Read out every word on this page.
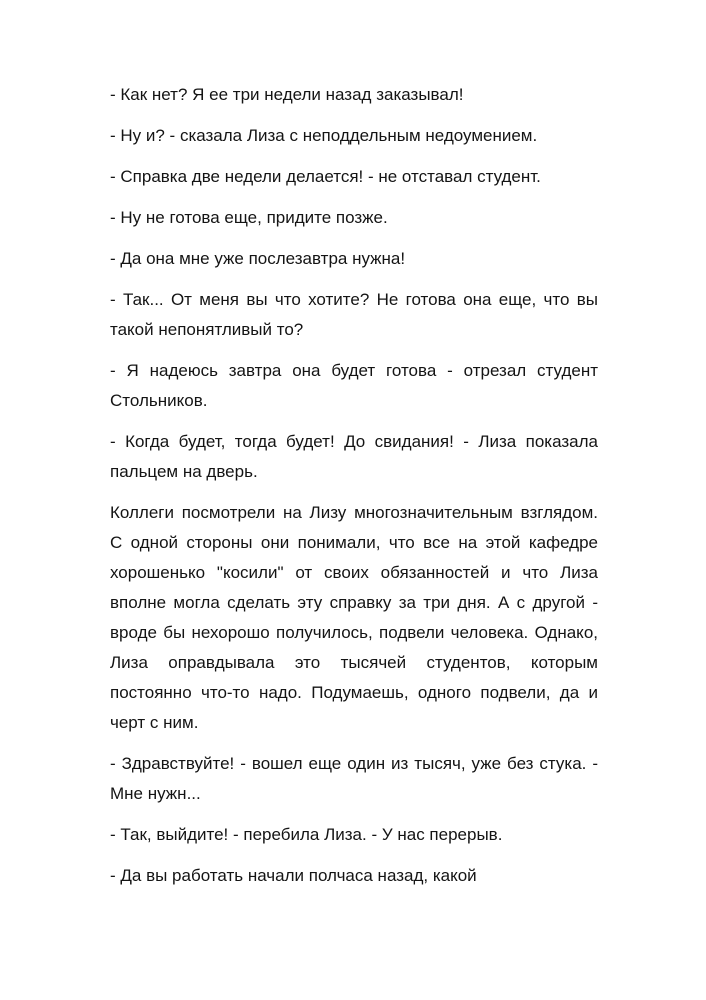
- Как нет? Я ее три недели назад заказывал!

- Ну и? - сказала Лиза с неподдельным недоумением.

- Справка две недели делается! - не отставал студент.

- Ну не готова еще, придите позже.

- Да она мне уже послезавтра нужна!

- Так... От меня вы что хотите? Не готова она еще, что вы такой непонятливый то?

- Я надеюсь завтра она будет готова - отрезал студент Стольников.

- Когда будет, тогда будет! До свидания! - Лиза показала пальцем на дверь.

Коллеги посмотрели на Лизу многозначительным взглядом. С одной стороны они понимали, что все на этой кафедре хорошенько "косили" от своих обязанностей и что Лиза вполне могла сделать эту справку за три дня. А с другой - вроде бы нехорошо получилось, подвели человека. Однако, Лиза оправдывала это тысячей студентов, которым постоянно что-то надо. Подумаешь, одного подвели, да и черт с ним.

- Здравствуйте! - вошел еще один из тысяч, уже без стука. - Мне нужн...

- Так, выйдите! - перебила Лиза. - У нас перерыв.

- Да вы работать начали полчаса назад, какой
